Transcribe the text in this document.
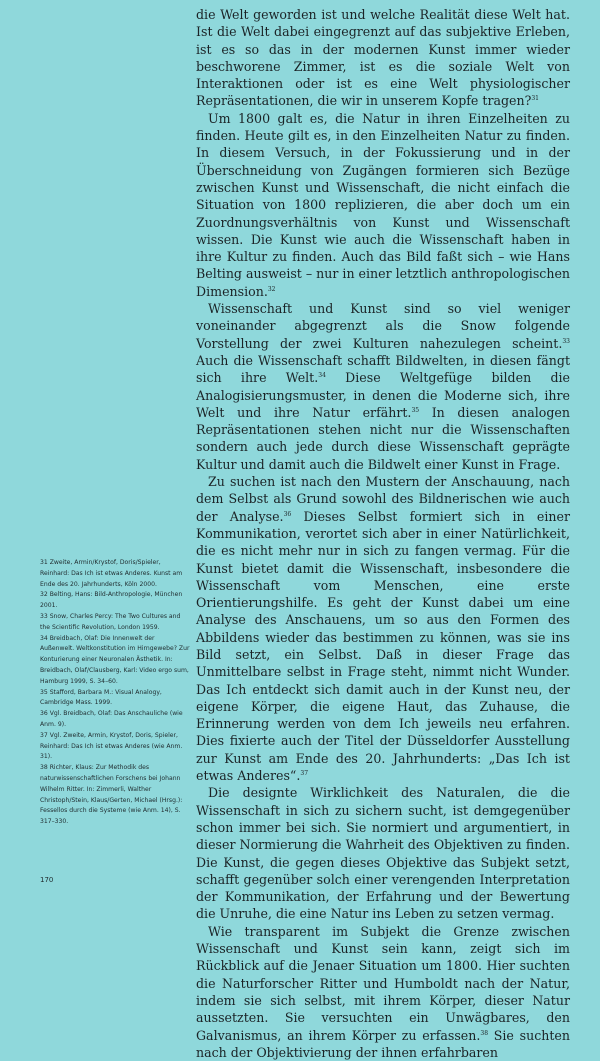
die Welt geworden ist und welche Realität diese Welt hat. Ist die Welt dabei eingegrenzt auf das subjektive Erleben, ist es so das in der modernen Kunst immer wieder beschworene Zimmer, ist es die soziale Welt von Interaktionen oder ist es eine Welt physiologischer Repräsentationen, die wir in unserem Kopfe tragen?$^{31}$

Um 1800 galt es, die Natur in ihren Einzelheiten zu finden. Heute gilt es, in den Einzelheiten Natur zu finden. In diesem Versuch, in der Fokussierung und in der Überschneidung von Zugängen formieren sich Bezüge zwischen Kunst und Wissenschaft, die nicht einfach die Situation von 1800 replizieren, die aber doch um ein Zuordnungsverhältnis von Kunst und Wissenschaft wissen. Die Kunst wie auch die Wissenschaft haben in ihre Kultur zu finden. Auch das Bild faßt sich – wie Hans Belting ausweist – nur in einer letztlich anthropologischen Dimension.$^{32}$

Wissenschaft und Kunst sind so viel weniger voneinander abgegrenzt als die Snow folgende Vorstellung der zwei Kulturen nahezulegen scheint.$^{33}$ Auch die Wissenschaft schafft Bildwelten, in diesen fängt sich ihre Welt.$^{34}$ Diese Weltgefüge bilden die Analogisierungsmuster, in denen die Moderne sich, ihre Welt und ihre Natur erfährt.$^{35}$ In diesen analogen Repräsentationen stehen nicht nur die Wissenschaften sondern auch jede durch diese Wissenschaft geprägte Kultur und damit auch die Bildwelt einer Kunst in Frage.

Zu suchen ist nach den Mustern der Anschauung, nach dem Selbst als Grund sowohl des Bildnerischen wie auch der Analyse.$^{36}$ Dieses Selbst formiert sich in einer Kommunikation, verortet sich aber in einer Natürlichkeit, die es nicht mehr nur in sich zu fangen vermag. Für die Kunst bietet damit die Wissenschaft, insbesondere die Wissenschaft vom Menschen, eine erste Orientierungshilfe. Es geht der Kunst dabei um eine Analyse des Anschauens, um so aus den Formen des Abbildens wieder das bestimmen zu können, was sie ins Bild setzt, ein Selbst. Daß in dieser Frage das Unmittelbare selbst in Frage steht, nimmt nicht Wunder. Das Ich entdeckt sich damit auch in der Kunst neu, der eigene Körper, die eigene Haut, das Zuhause, die Erinnerung werden von dem Ich jeweils neu erfahren. Dies fixierte auch der Titel der Düsseldorfer Ausstellung zur Kunst am Ende des 20. Jahrhunderts: „Das Ich ist etwas Anderes“.$^{37}$

Die designte Wirklichkeit des Naturalen, die die Wissenschaft in sich zu sichern sucht, ist demgegenüber schon immer bei sich. Sie normiert und argumentiert, in dieser Normierung die Wahrheit des Objektiven zu finden. Die Kunst, die gegen dieses Objektive das Subjekt setzt, schafft gegenüber solch einer verengenden Interpretation der Kommunikation, der Erfahrung und der Bewertung die Unruhe, die eine Natur ins Leben zu setzen vermag.

Wie transparent im Subjekt die Grenze zwischen Wissenschaft und Kunst sein kann, zeigt sich im Rückblick auf die Jenaer Situation um 1800. Hier suchten die Naturforscher Ritter und Humboldt nach der Natur, indem sie sich selbst, mit ihrem Körper, dieser Natur aussetzten. Sie versuchten ein Unwägbares, den Galvanismus, an ihrem Körper zu erfassen.$^{38}$ Sie suchten nach der Objektivierung der ihnen erfahrbaren

31 Zweite, Armin/Krystof, Doris/Spieler, Reinhard: Das Ich ist etwas Anderes. Kunst am Ende des 20. Jahrhunderts, Köln 2000.

32 Belting, Hans: Bild-Anthropologie, München 2001.

33 Snow, Charles Percy: The Two Cultures and the Scientific Revolution, London 1959.

34 Breidbach, Olaf: Die Innenwelt der Außenwelt. Weltkonstitution im Hirngewebe? Zur Konturierung einer Neuronalen Ästhetik. In: Breidbach, Olaf/Clausberg, Karl: Video ergo sum, Hamburg 1999, S. 34–60.

35 Stafford, Barbara M.: Visual Analogy, Cambridge Mass. 1999.

36 Vgl. Breidbach, Olaf: Das Anschauliche (wie Anm. 9).

37 Vgl. Zweite, Armin, Krystof, Doris, Spieler, Reinhard: Das Ich ist etwas Anderes (wie Anm. 31).

38 Richter, Klaus: Zur Methodik des naturwissenschaftlichen Forschens bei Johann Wilhelm Ritter. In: Zimmerli, Walther Christoph/Stein, Klaus/Gerten, Michael (Hrsg.): Fessellos durch die Systeme (wie Anm. 14), S. 317–330.

170
